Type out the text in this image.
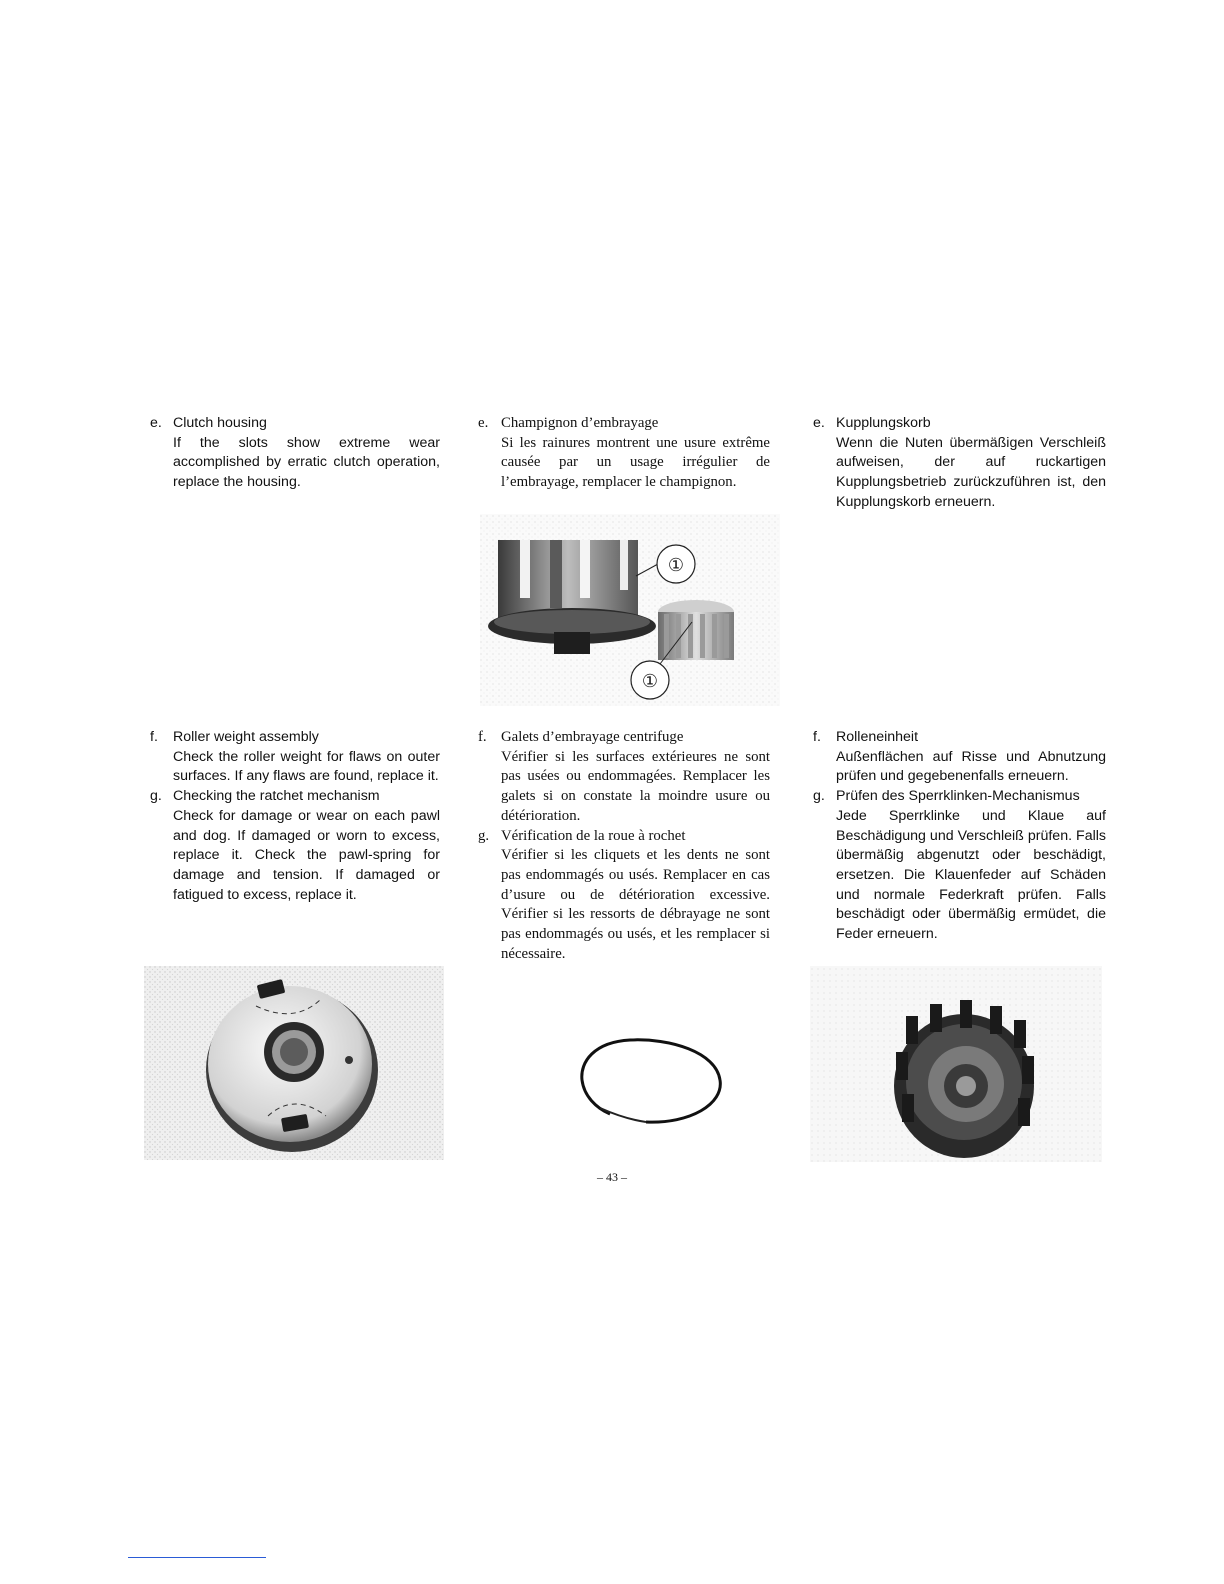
e. Clutch housing

If the slots show extreme wear accomplished by erratic clutch operation, replace the housing.

f. Roller weight assembly

Check the roller weight for flaws on outer surfaces. If any flaws are found, replace it.

g. Checking the ratchet mechanism

Check for damage or wear on each pawl and dog. If damaged or worn to excess, replace it. Check the pawl-spring for damage and tension. If damaged or fatigued to excess, replace it.

e. Champignon d’embrayage

Si les rainures montrent une usure extrême causée par un usage irrégulier de l’embrayage, remplacer le champignon.

f. Galets d’embrayage centrifuge

Vérifier si les surfaces extérieures ne sont pas usées ou endommagées. Remplacer les galets si on constate la moindre usure ou détérioration.

g. Vérification de la roue à rochet

Vérifier si les cliquets et les dents ne sont pas endommagés ou usés. Remplacer en cas d’usure ou de détérioration excessive. Vérifier si les ressorts de débrayage ne sont pas endommagés ou usés, et les remplacer si nécessaire.

e. Kupplungskorb

Wenn die Nuten übermäßigen Verschleiß aufweisen, der auf ruckartigen Kupplungsbetrieb zurückzuführen ist, den Kupplungskorb erneuern.

f. Rolleneinheit

Außenflächen auf Risse und Abnutzung prüfen und gegebenenfalls erneuern.

g. Prüfen des Sperrklinken-Mechanismus

Jede Sperrklinke und Klaue auf Beschädigung und Verschleiß prüfen. Falls übermäßig abgenutzt oder beschädigt, ersetzen. Die Klauenfeder auf Schäden und normale Federkraft prüfen. Falls beschädigt oder übermäßig ermüdet, die Feder erneuern.

①
①
– 43 –
